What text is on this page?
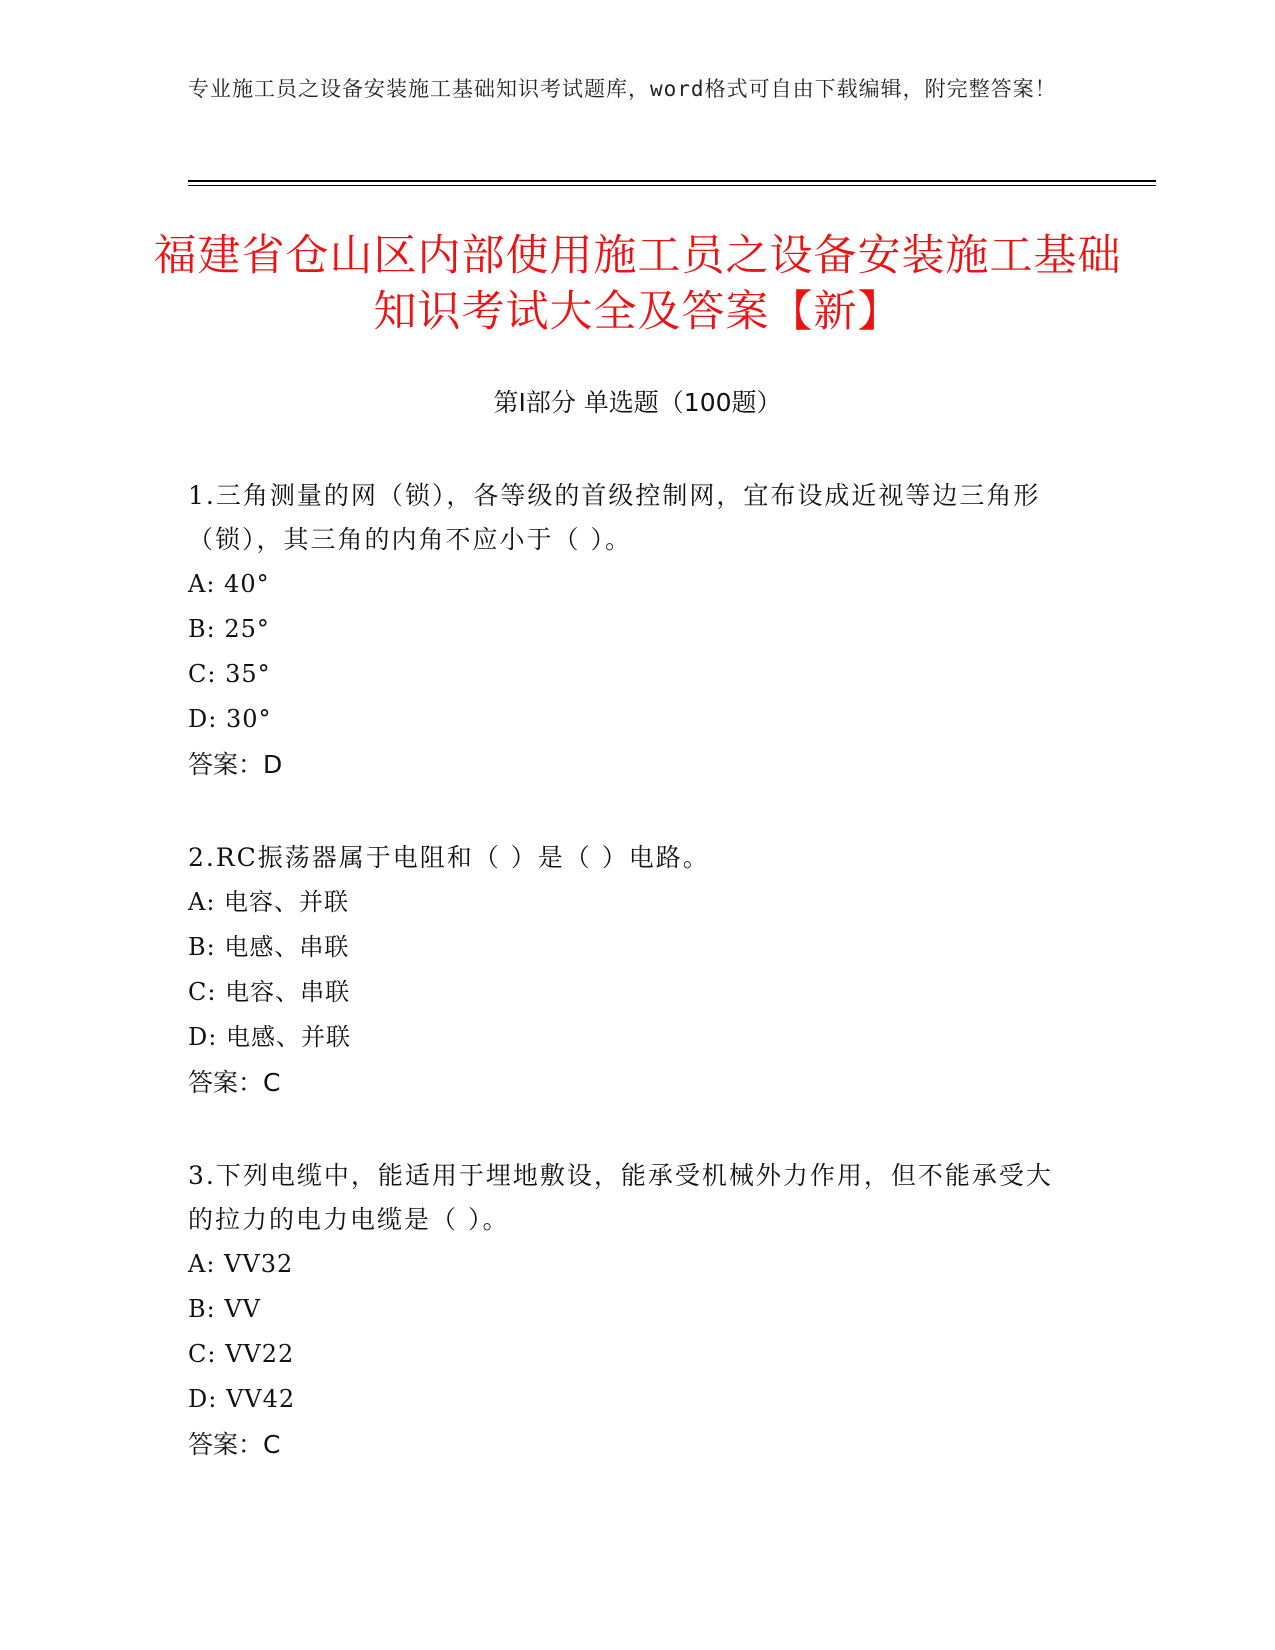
专业施工员之设备安装施工基础知识考试题库，word格式可自由下载编辑，附完整答案！
福建省仓山区内部使用施工员之设备安装施工基础知识考试大全及答案【新】
第Ⅰ部分 单选题（100题）

1.三角测量的网（锁），各等级的首级控制网，宜布设成近视等边三角形（锁），其三角的内角不应小于（ ）。

A: 40°

B: 25°

C: 35°

D: 30°

答案：D

2.RC振荡器属于电阻和（ ）是（ ）电路。

A: 电容、并联

B: 电感、串联

C: 电容、串联

D: 电感、并联

答案：C

3.下列电缆中，能适用于埋地敷设，能承受机械外力作用，但不能承受大的拉力的电力电缆是（ ）。

A: VV32

B: VV

C: VV22

D: VV42

答案：C
